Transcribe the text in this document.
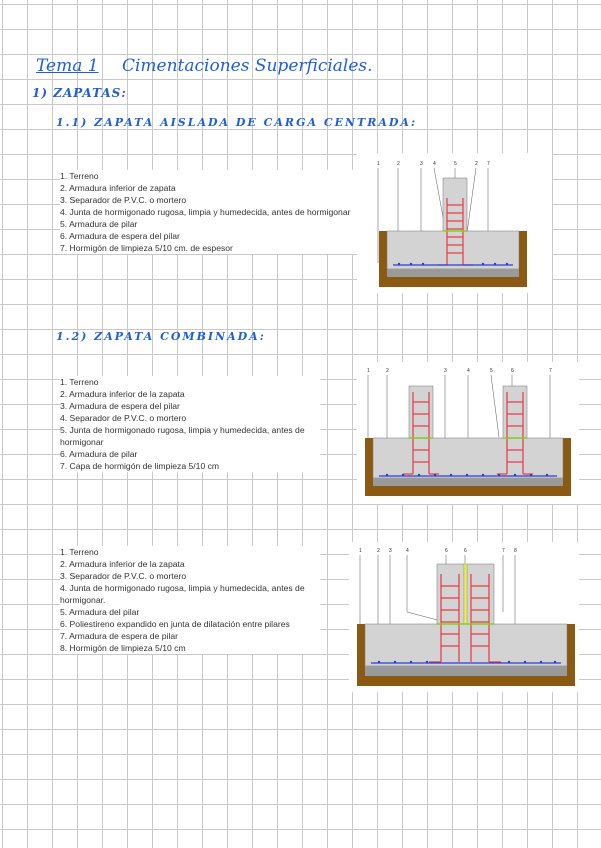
Tema 1 Cimentaciones Superficiales.
1) ZAPATAS:
1.1) ZAPATA AISLADA DE CARGA CENTRADA:
1. Terreno
2. Armadura inferior de zapata
3. Separador de P.V.C. o mortero
4. Junta de hormigonado rugosa, limpia y humedecida, antes de hormigonar
5. Armadura de pilar
6. Armadura de espera del pilar
7. Hormigón de limpieza 5/10 cm. de espesor
1	2	3 4	5	2 7
1.2) ZAPATA COMBINADA:
1. Terreno
2. Armadura inferior de la zapata
3. Armadura de espera del pilar
4. Separador de P.V.C. o mortero
5. Junta de hormigonado rugosa, limpia y humedecida, antes de hormigonar
6. Armadura de pilar
7. Capa de hormigón de limpieza 5/10 cm
1	2	3	4	5	6	7
1. Terreno
2. Armadura inferior de la zapata
3. Separador de P.V.C. o mortero
4. Junta de hormigonado rugosa, limpia y humedecida, antes de hormigonar.
5. Armadura del pilar
6. Poliestireno expandido en junta de dilatación entre pilares
7. Armadura de espera de pilar
8. Hormigón de limpieza 5/10 cm
1	2 3	4	6	6	7 8
